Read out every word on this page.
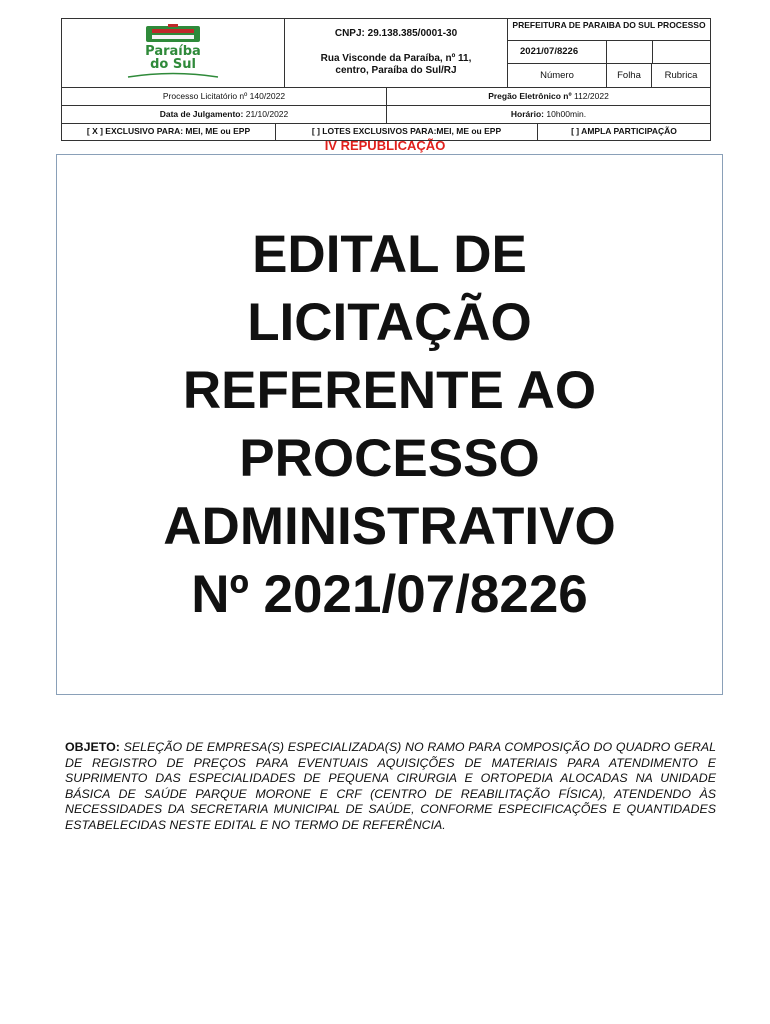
Paraíba
do Sul
CNPJ: 29.138.385/0001-30
Rua Visconde da Paraíba, nº 11, centro, Paraíba do Sul/RJ
PREFEITURA DE PARAIBA DO SUL PROCESSO
2021/07/8226
Número	Folha	Rubrica
Processo Licitatório nº 140/2022	Pregão Eletrônico nº 112/2022
Data de Julgamento: 21/10/2022	Horário: 10h00min.
[ X ] EXCLUSIVO PARA: MEI, ME ou EPP	[ ] LOTES EXCLUSIVOS PARA:MEI, ME ou EPP	[ ] AMPLA PARTICIPAÇÃO
IV REPUBLICAÇÃO
EDITAL DE
LICITAÇÃO
REFERENTE AO
PROCESSO
ADMINISTRATIVO
Nº 2021/07/8226
OBJETO: SELEÇÃO DE EMPRESA(S) ESPECIALIZADA(S) NO RAMO PARA COMPOSIÇÃO DO QUADRO GERAL DE REGISTRO DE PREÇOS PARA EVENTUAIS AQUISIÇÕES DE MATERIAIS PARA ATENDIMENTO E SUPRIMENTO DAS ESPECIALIDADES DE PEQUENA CIRURGIA E ORTOPEDIA ALOCADAS NA UNIDADE BÁSICA DE SAÚDE PARQUE MORONE E CRF (CENTRO DE REABILITAÇÃO FÍSICA), ATENDENDO ÀS NECESSIDADES DA SECRETARIA MUNICIPAL DE SAÚDE, CONFORME ESPECIFICAÇÕES E QUANTIDADES ESTABELECIDAS NESTE EDITAL E NO TERMO DE REFERÊNCIA.
